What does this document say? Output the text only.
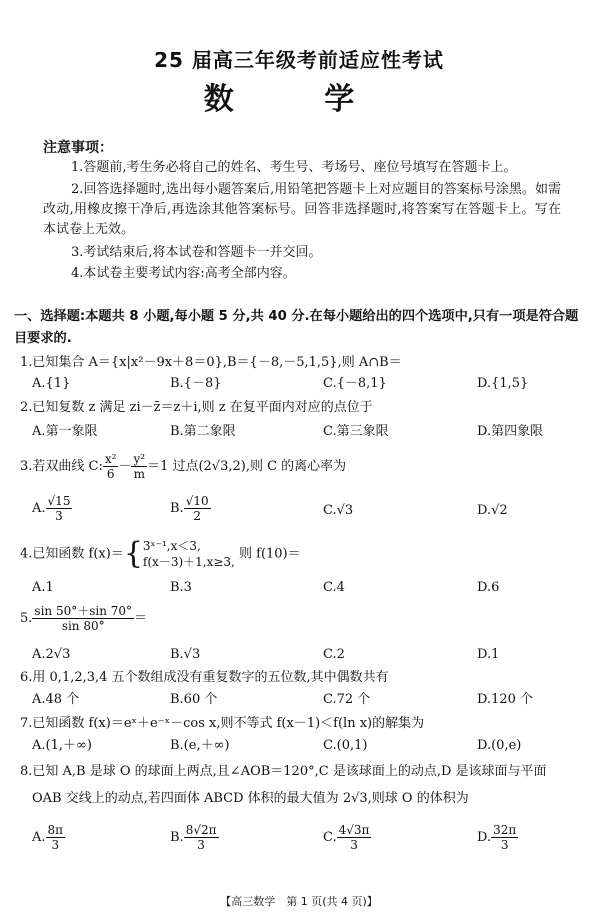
25 届高三年级考前适应性考试
数 学
注意事项：
1.答题前,考生务必将自己的姓名、考生号、考场号、座位号填写在答题卡上。
2.回答选择题时,选出每小题答案后,用铅笔把答题卡上对应题目的答案标号涂黑。如需改动,用橡皮擦干净后,再选涂其他答案标号。回答非选择题时,将答案写在答题卡上。写在本试卷上无效。
3.考试结束后,将本试卷和答题卡一并交回。
4.本试卷主要考试内容:高考全部内容。
一、选择题:本题共 8 小题,每小题 5 分,共 40 分.在每小题给出的四个选项中,只有一项是符合题目要求的.
1.已知集合 A＝{x|x²－9x＋8＝0},B＝{－8,－5,1,5},则 A∩B＝
A.{1}	B.{－8}	C.{－8,1}	D.{1,5}
2.已知复数 z 满足 zi－z̄＝z＋i,则 z 在复平面内对应的点位于
A.第一象限	B.第二象限	C.第三象限	D.第四象限
3.若双曲线 C: $\frac{\text{x²}}{6} - \frac{\text{y²}}{m} =1$ 过点(2√3,2),则 C 的离心率为
A. $\frac{√15}{3}$	B. $\frac{√10}{2}$	C.√3	D.√2
4.已知函数 f(x)＝{ 3ˣ⁻¹,x＜3,
f(x－3)＋1,x≥3,
则 f(10)＝
A.1	B.3	C.4	D.6
5. $\frac{\sin 50^\circ+\sin 70^\circ}{\sin 80^\circ}$ ＝
A.2√3	B.√3	C.2	D.1
6.用 0,1,2,3,4 五个数组成没有重复数字的五位数,其中偶数共有
A.48 个	B.60 个	C.72 个	D.120 个
7.已知函数 f(x)＝eˣ＋e⁻ˣ－cos x,则不等式 f(x－1)＜f(ln x)的解集为
A.(1,＋∞)	B.(e,＋∞)	C.(0,1)	D.(0,e)
8.已知 A,B 是球 O 的球面上两点,且∠AOB＝120°,C 是该球面上的动点,D 是该球面与平面
OAB 交线上的动点,若四面体 ABCD 体积的最大值为 2√3,则球 O 的体积为
A. $\frac{8\pi}{3}$	B. $\frac{8√2\pi}{3}$	C. $\frac{4√3\pi}{3}$	D. $\frac{32\pi}{3}$
【高三数学　第 1 页(共 4 页)】
